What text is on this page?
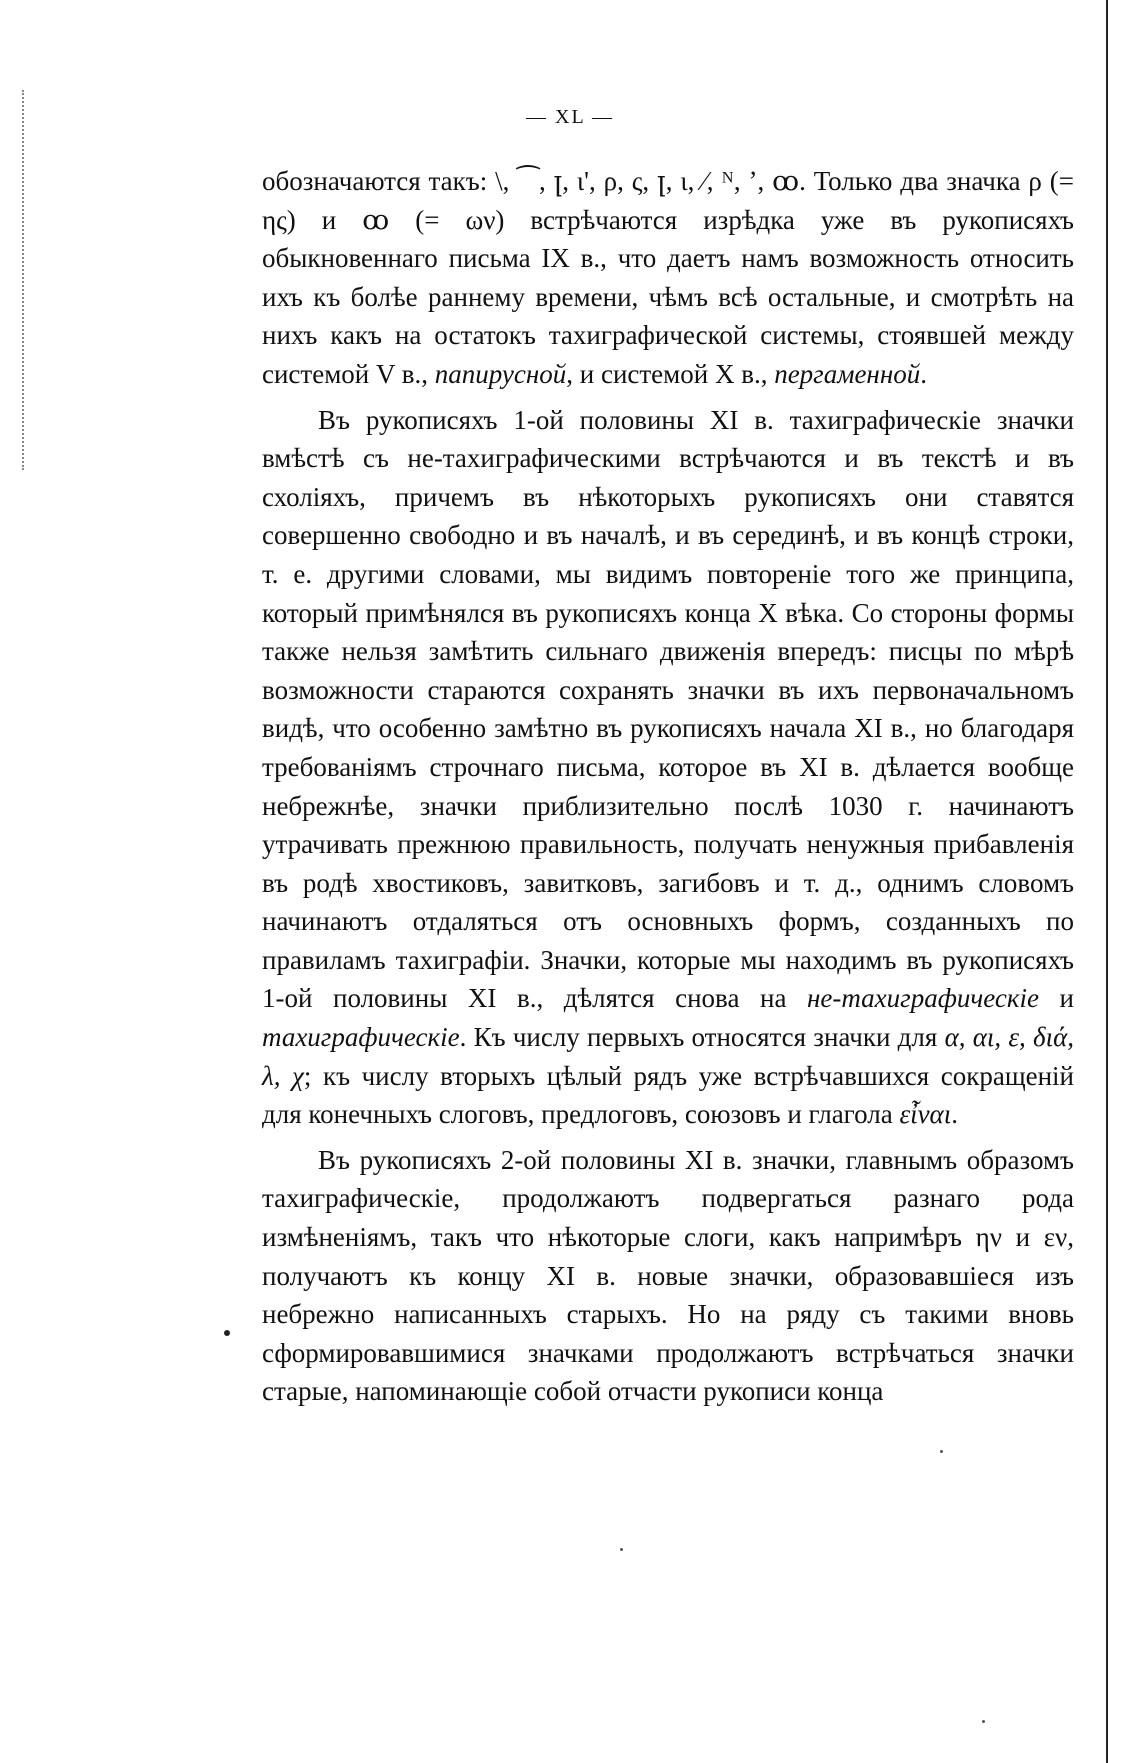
— XL —

обозначаются такъ: \, ⁀, ꞁ, ɩ', ρ, ς, ꞁ, ɩ, ⁄, ᴺ, ʼ, ꝏ. Только два значка ρ (= ης) и ꝏ (= ων) встрѣчаются изрѣдка уже въ рукописяхъ обыкновеннаго письма IX в., что даетъ намъ возможность относить ихъ къ болѣе раннему времени, чѣмъ всѣ остальные, и смотрѣть на нихъ какъ на остатокъ тахиграфической системы, стоявшей между системой V в., папирусной, и системой X в., пергаменной.

Въ рукописяхъ 1-ой половины XI в. тахиграфическіе значки вмѣстѣ съ не-тахиграфическими встрѣчаются и въ текстѣ и въ схоліяхъ, причемъ въ нѣкоторыхъ рукописяхъ они ставятся совершенно свободно и въ началѣ, и въ серединѣ, и въ концѣ строки, т. е. другими словами, мы видимъ повтореніе того же принципа, который примѣнялся въ рукописяхъ конца X вѣка. Со стороны формы также нельзя замѣтить сильнаго движенія впередъ: писцы по мѣрѣ возможности стараются сохранять значки въ ихъ первоначальномъ видѣ, что особенно замѣтно въ рукописяхъ начала XI в., но благодаря требованіямъ строчнаго письма, которое въ XI в. дѣлается вообще небрежнѣе, значки приблизительно послѣ 1030 г. начинаютъ утрачивать прежнюю правильность, получать ненужныя прибавленія въ родѣ хвостиковъ, завитковъ, загибовъ и т. д., однимъ словомъ начинаютъ отдаляться отъ основныхъ формъ, созданныхъ по правиламъ тахиграфіи. Значки, которые мы находимъ въ рукописяхъ 1-ой половины XI в., дѣлятся снова на не-тахиграфическіе и тахиграфическіе. Къ числу первыхъ относятся значки для α, αι, ε, διά, λ, χ; къ числу вторыхъ цѣлый рядъ уже встрѣчавшихся сокращеній для конечныхъ слоговъ, предлоговъ, союзовъ и глагола εἶναι.

Въ рукописяхъ 2-ой половины XI в. значки, главнымъ образомъ тахиграфическіе, продолжаютъ подвергаться разнаго рода измѣненіямъ, такъ что нѣкоторые слоги, какъ напримѣръ ην и εν, получаютъ къ концу XI в. новые значки, образовавшіеся изъ небрежно написанныхъ старыхъ. Но на ряду съ такими вновь сформировавшимися значками продолжаютъ встрѣчаться значки старые, напоминающіе собой отчасти рукописи конца
